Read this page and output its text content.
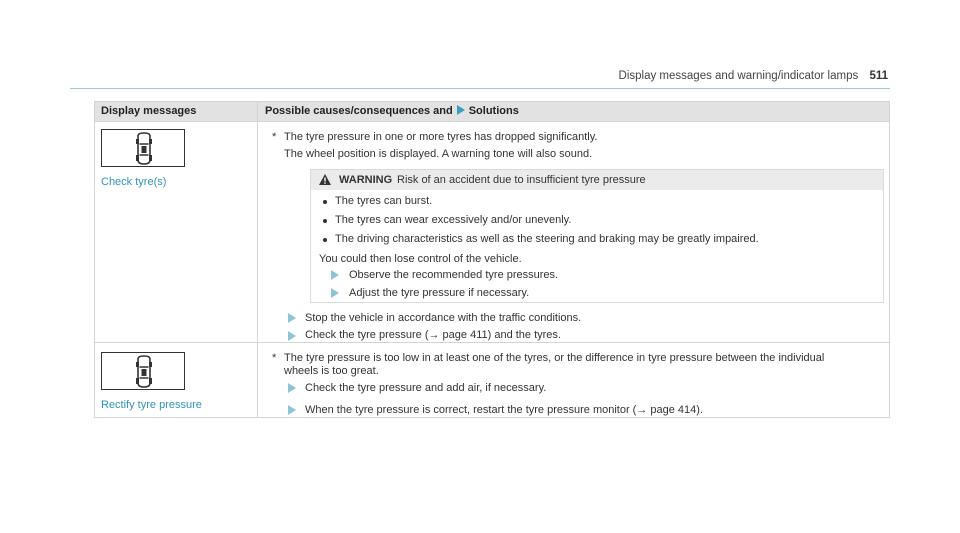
Display messages and warning/indicator lamps 511
Display messages	Possible causes/consequences and Solutions
Check tyre(s)
* The tyre pressure in one or more tyres has dropped significantly.
The wheel position is displayed. A warning tone will also sound.
WARNING Risk of an accident due to insufficient tyre pressure
The tyres can burst.
The tyres can wear excessively and/or unevenly.
The driving characteristics as well as the steering and braking may be greatly impaired.
You could then lose control of the vehicle.
Observe the recommended tyre pressures.
Adjust the tyre pressure if necessary.
Stop the vehicle in accordance with the traffic conditions.
Check the tyre pressure (→ page 411) and the tyres.
Rectify tyre pressure
* The tyre pressure is too low in at least one of the tyres, or the difference in tyre pressure between the individual
wheels is too great.
Check the tyre pressure and add air, if necessary.
When the tyre pressure is correct, restart the tyre pressure monitor (→ page 414).
